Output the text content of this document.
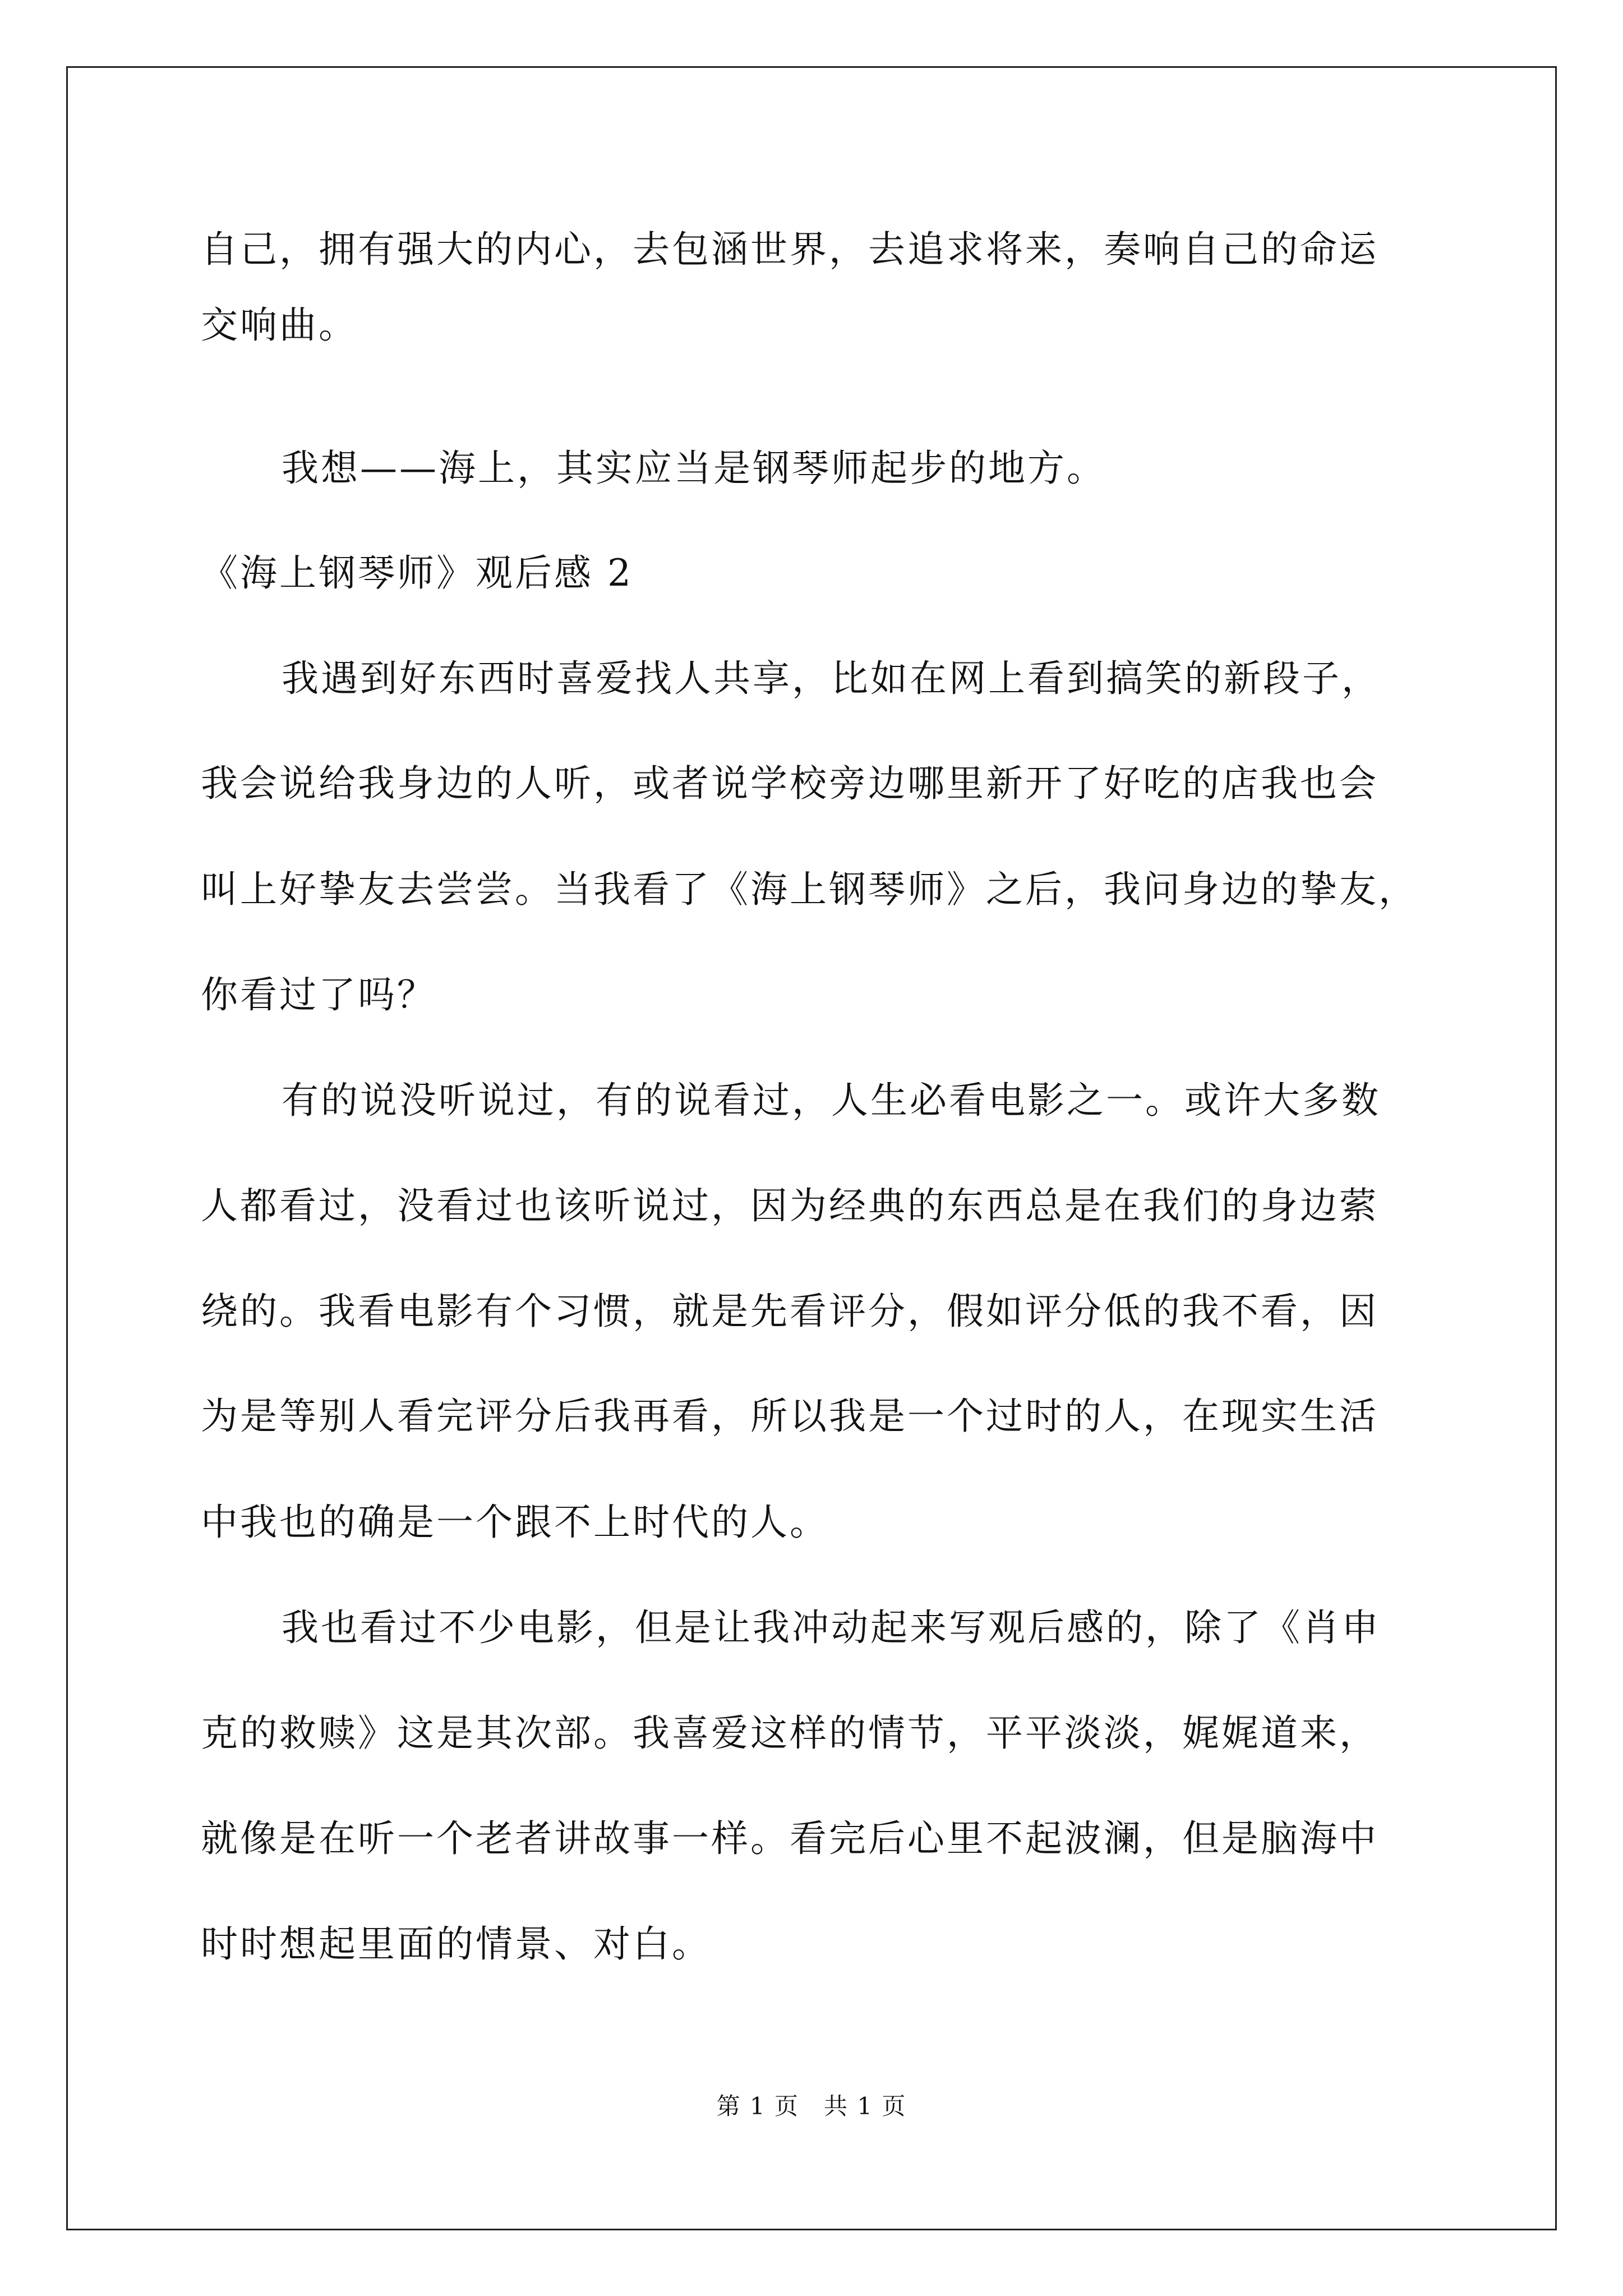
自己，拥有强大的内心，去包涵世界，去追求将来，奏响自己的命运
交响曲。
我想——海上，其实应当是钢琴师起步的地方。
《海上钢琴师》观后感 2
我遇到好东西时喜爱找人共享，比如在网上看到搞笑的新段子，
我会说给我身边的人听，或者说学校旁边哪里新开了好吃的店我也会
叫上好挚友去尝尝。当我看了《海上钢琴师》之后，我问身边的挚友，
你看过了吗？
有的说没听说过，有的说看过，人生必看电影之一。或许大多数
人都看过，没看过也该听说过，因为经典的东西总是在我们的身边萦
绕的。我看电影有个习惯，就是先看评分，假如评分低的我不看，因
为是等别人看完评分后我再看，所以我是一个过时的人，在现实生活
中我也的确是一个跟不上时代的人。
我也看过不少电影，但是让我冲动起来写观后感的，除了《肖申
克的救赎》这是其次部。我喜爱这样的情节，平平淡淡，娓娓道来，
就像是在听一个老者讲故事一样。看完后心里不起波澜，但是脑海中
时时想起里面的情景、对白。
第 1 页　共 1 页
